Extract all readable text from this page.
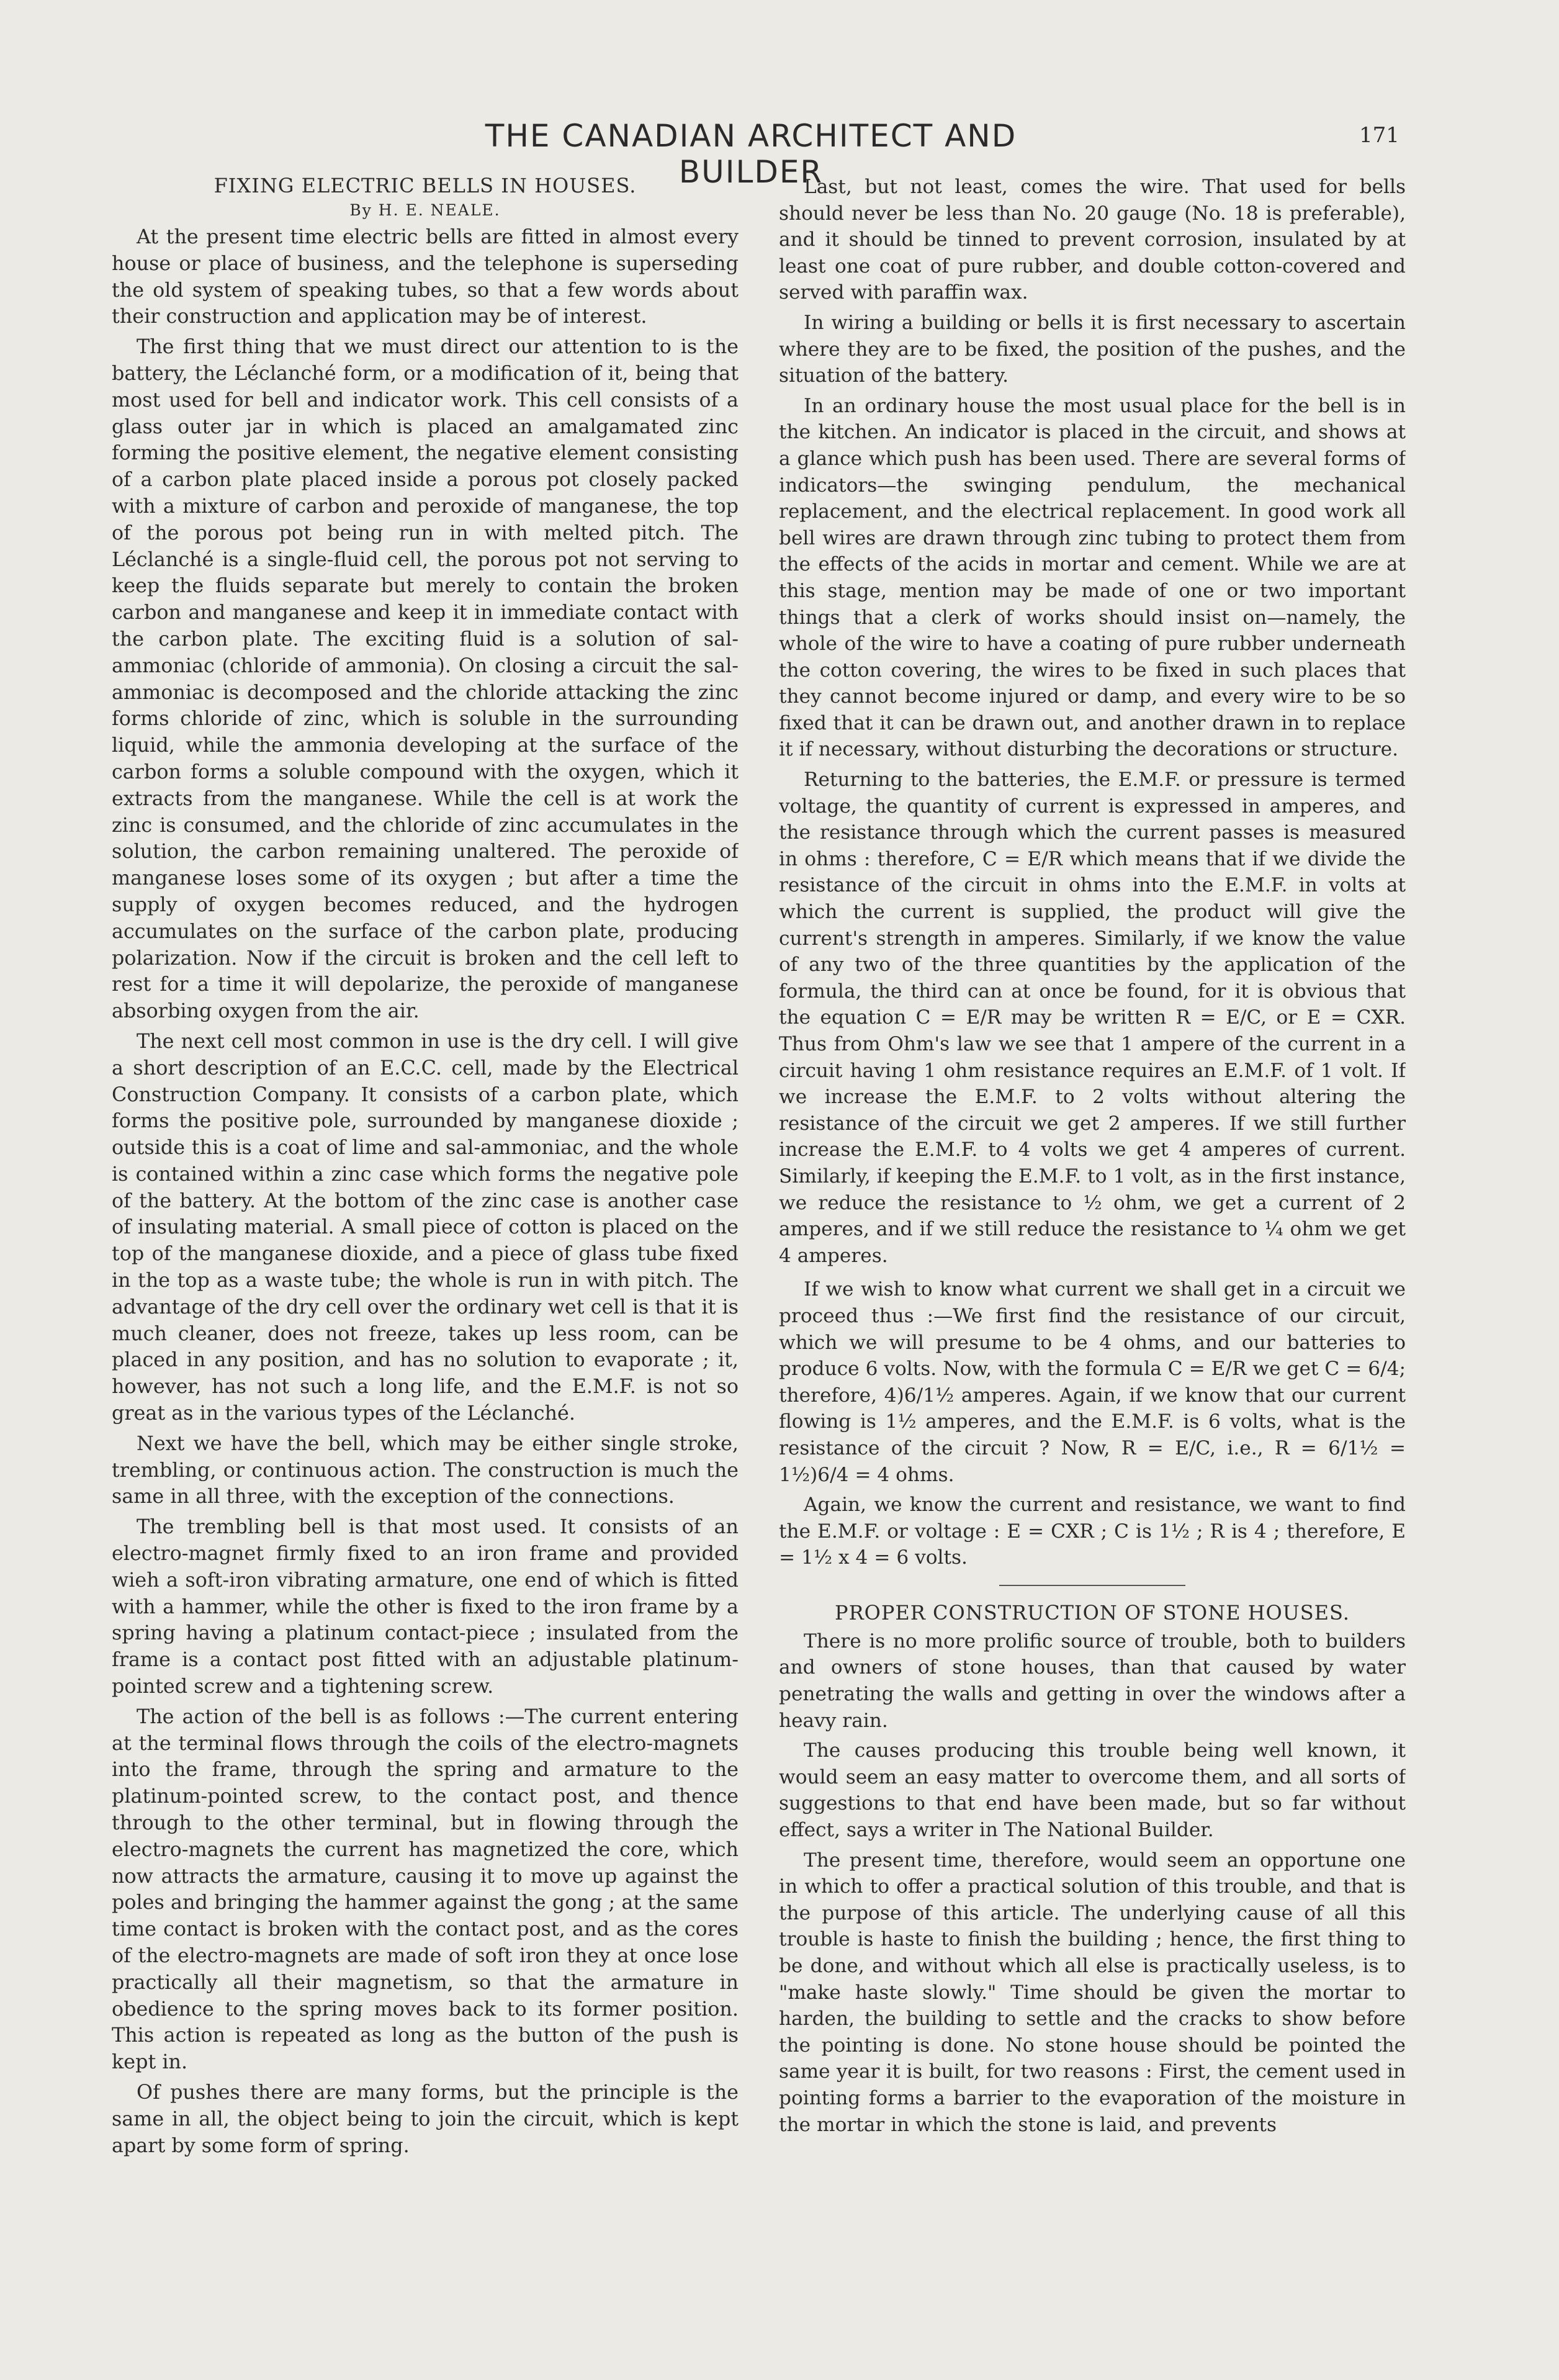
THE CANADIAN ARCHITECT AND BUILDER
171
FIXING ELECTRIC BELLS IN HOUSES.
By H. E. NEALE.

At the present time electric bells are fitted in almost every house or place of business, and the telephone is superseding the old system of speaking tubes, so that a few words about their construction and application may be of interest.

The first thing that we must direct our attention to is the battery, the Léclanché form, or a modification of it, being that most used for bell and indicator work. This cell consists of a glass outer jar in which is placed an amalgamated zinc forming the positive element, the negative element consisting of a carbon plate placed inside a porous pot closely packed with a mixture of carbon and peroxide of manganese, the top of the porous pot being run in with melted pitch. The Léclanché is a single-fluid cell, the porous pot not serving to keep the fluids separate but merely to contain the broken carbon and manganese and keep it in immediate contact with the carbon plate. The exciting fluid is a solution of sal-ammoniac (chloride of ammonia). On closing a circuit the sal-ammoniac is decomposed and the chloride attacking the zinc forms chloride of zinc, which is soluble in the surrounding liquid, while the ammonia developing at the surface of the carbon forms a soluble compound with the oxygen, which it extracts from the manganese. While the cell is at work the zinc is consumed, and the chloride of zinc accumulates in the solution, the carbon remaining unaltered. The peroxide of manganese loses some of its oxygen ; but after a time the supply of oxygen becomes reduced, and the hydrogen accumulates on the surface of the carbon plate, producing polarization. Now if the circuit is broken and the cell left to rest for a time it will depolarize, the peroxide of manganese absorbing oxygen from the air.

The next cell most common in use is the dry cell. I will give a short description of an E.C.C. cell, made by the Electrical Construction Company. It consists of a carbon plate, which forms the positive pole, surrounded by manganese dioxide ; outside this is a coat of lime and sal-ammoniac, and the whole is contained within a zinc case which forms the negative pole of the battery. At the bottom of the zinc case is another case of insulating material. A small piece of cotton is placed on the top of the manganese dioxide, and a piece of glass tube fixed in the top as a waste tube; the whole is run in with pitch. The advantage of the dry cell over the ordinary wet cell is that it is much cleaner, does not freeze, takes up less room, can be placed in any position, and has no solution to evaporate ; it, however, has not such a long life, and the E.M.F. is not so great as in the various types of the Léclanché.

Next we have the bell, which may be either single stroke, trembling, or continuous action. The construction is much the same in all three, with the exception of the connections.

The trembling bell is that most used. It consists of an electro-magnet firmly fixed to an iron frame and provided wieh a soft-iron vibrating armature, one end of which is fitted with a hammer, while the other is fixed to the iron frame by a spring having a platinum contact-piece ; insulated from the frame is a contact post fitted with an adjustable platinum-pointed screw and a tightening screw.

The action of the bell is as follows :—The current entering at the terminal flows through the coils of the electro-magnets into the frame, through the spring and armature to the platinum-pointed screw, to the contact post, and thence through to the other terminal, but in flowing through the electro-magnets the current has magnetized the core, which now attracts the armature, causing it to move up against the poles and bringing the hammer against the gong ; at the same time contact is broken with the contact post, and as the cores of the electro-magnets are made of soft iron they at once lose practically all their magnetism, so that the armature in obedience to the spring moves back to its former position. This action is repeated as long as the button of the push is kept in.

Of pushes there are many forms, but the principle is the same in all, the object being to join the circuit, which is kept apart by some form of spring.

Last, but not least, comes the wire. That used for bells should never be less than No. 20 gauge (No. 18 is preferable), and it should be tinned to prevent corrosion, insulated by at least one coat of pure rubber, and double cotton-covered and served with paraffin wax.

In wiring a building or bells it is first necessary to ascertain where they are to be fixed, the position of the pushes, and the situation of the battery.

In an ordinary house the most usual place for the bell is in the kitchen. An indicator is placed in the circuit, and shows at a glance which push has been used. There are several forms of indicators—the swinging pendulum, the mechanical replacement, and the electrical replacement. In good work all bell wires are drawn through zinc tubing to protect them from the effects of the acids in mortar and cement. While we are at this stage, mention may be made of one or two important things that a clerk of works should insist on—namely, the whole of the wire to have a coating of pure rubber underneath the cotton covering, the wires to be fixed in such places that they cannot become injured or damp, and every wire to be so fixed that it can be drawn out, and another drawn in to replace it if necessary, without disturbing the decorations or structure.

Returning to the batteries, the E.M.F. or pressure is termed voltage, the quantity of current is expressed in amperes, and the resistance through which the current passes is measured in ohms : therefore, C = E/R which means that if we divide the resistance of the circuit in ohms into the E.M.F. in volts at which the current is supplied, the product will give the current's strength in amperes. Similarly, if we know the value of any two of the three quantities by the application of the formula, the third can at once be found, for it is obvious that the equation C = E/R may be written R = E/C, or E = CXR. Thus from Ohm's law we see that 1 ampere of the current in a circuit having 1 ohm resistance requires an E.M.F. of 1 volt. If we increase the E.M.F. to 2 volts without altering the resistance of the circuit we get 2 amperes. If we still further increase the E.M.F. to 4 volts we get 4 amperes of current. Similarly, if keeping the E.M.F. to 1 volt, as in the first instance, we reduce the resistance to ½ ohm, we get a current of 2 amperes, and if we still reduce the resistance to ¼ ohm we get 4 amperes.

If we wish to know what current we shall get in a circuit we proceed thus :—We first find the resistance of our circuit, which we will presume to be 4 ohms, and our batteries to produce 6 volts. Now, with the formula C = E/R we get C = 6/4; therefore, 4)6/1½ amperes. Again, if we know that our current flowing is 1½ amperes, and the E.M.F. is 6 volts, what is the resistance of the circuit ? Now, R = E/C, i.e., R = 6/1½ = 1½)6/4 = 4 ohms.

Again, we know the current and resistance, we want to find the E.M.F. or voltage : E = CXR ; C is 1½ ; R is 4 ; therefore, E = 1½ x 4 = 6 volts.

PROPER CONSTRUCTION OF STONE HOUSES.

There is no more prolific source of trouble, both to builders and owners of stone houses, than that caused by water penetrating the walls and getting in over the windows after a heavy rain.

The causes producing this trouble being well known, it would seem an easy matter to overcome them, and all sorts of suggestions to that end have been made, but so far without effect, says a writer in The National Builder.

The present time, therefore, would seem an opportune one in which to offer a practical solution of this trouble, and that is the purpose of this article. The underlying cause of all this trouble is haste to finish the building ; hence, the first thing to be done, and without which all else is practically useless, is to "make haste slowly." Time should be given the mortar to harden, the building to settle and the cracks to show before the pointing is done. No stone house should be pointed the same year it is built, for two reasons : First, the cement used in pointing forms a barrier to the evaporation of the moisture in the mortar in which the stone is laid, and prevents
